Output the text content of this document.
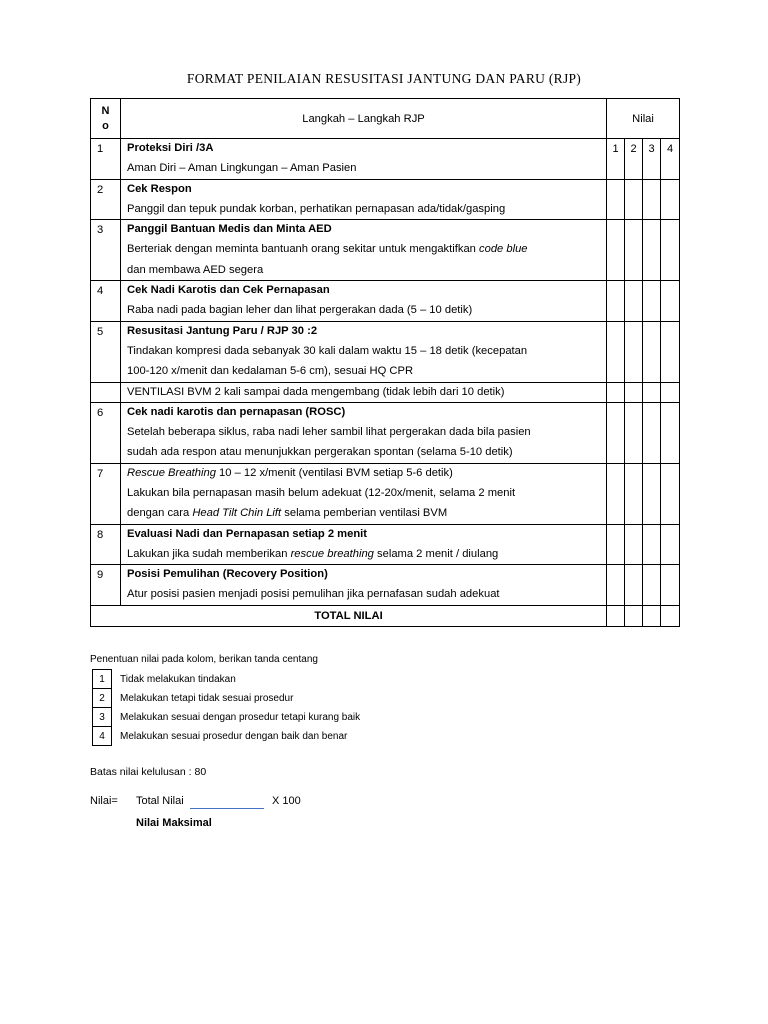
FORMAT PENILAIAN RESUSITASI JANTUNG DAN PARU (RJP)
N
o	Langkah – Langkah RJP	Nilai			
1	Proteksi Diri /3A
Aman Diri – Aman Lingkungan – Aman Pasien	1	2	3	4
2	Cek Respon
Panggil dan tepuk pundak korban, perhatikan pernapasan ada/tidak/gasping				

3	Panggil Bantuan Medis dan Minta AED
Berteriak dengan meminta bantuanh orang sekitar untuk mengaktifkan code blue
dan membawa AED segera				

4	Cek Nadi Karotis dan Cek Pernapasan
Raba nadi pada bagian leher dan lihat pergerakan dada (5 – 10 detik)				

5	Resusitasi Jantung Paru / RJP 30 :2
Tindakan kompresi dada sebanyak 30 kali dalam waktu 15 – 18 detik (kecepatan
100-120 x/menit dan kedalaman 5-6 cm), sesuai HQ CPR				

	VENTILASI BVM 2 kali sampai dada mengembang (tidak lebih dari 10 detik)				

6	Cek nadi karotis dan pernapasan (ROSC)
Setelah beberapa siklus, raba nadi leher sambil lihat pergerakan dada bila pasien
sudah ada respon atau menunjukkan pergerakan spontan (selama 5-10 detik)				

7	Rescue Breathing 10 – 12 x/menit (ventilasi BVM setiap 5-6 detik)
Lakukan bila pernapasan masih belum adekuat (12-20x/menit, selama 2 menit
dengan cara Head Tilt Chin Lift selama pemberian ventilasi BVM				

8	Evaluasi Nadi dan Pernapasan setiap 2 menit
Lakukan jika sudah memberikan rescue breathing selama 2 menit / diulang				

9	Posisi Pemulihan (Recovery Position)
Atur posisi pasien menjadi posisi pemulihan jika pernafasan sudah adekuat				

TOTAL NILAI					
Penentuan nilai pada kolom, berikan tanda centang
1	Tidak melakukan tindakan
2	Melakukan tetapi tidak sesuai prosedur
3	Melakukan sesuai dengan prosedur tetapi kurang baik
4	Melakukan sesuai prosedur dengan baik dan benar
Batas nilai kelulusan : 80
Nilai= Total Nilai	X 100
Nilai Maksimal
